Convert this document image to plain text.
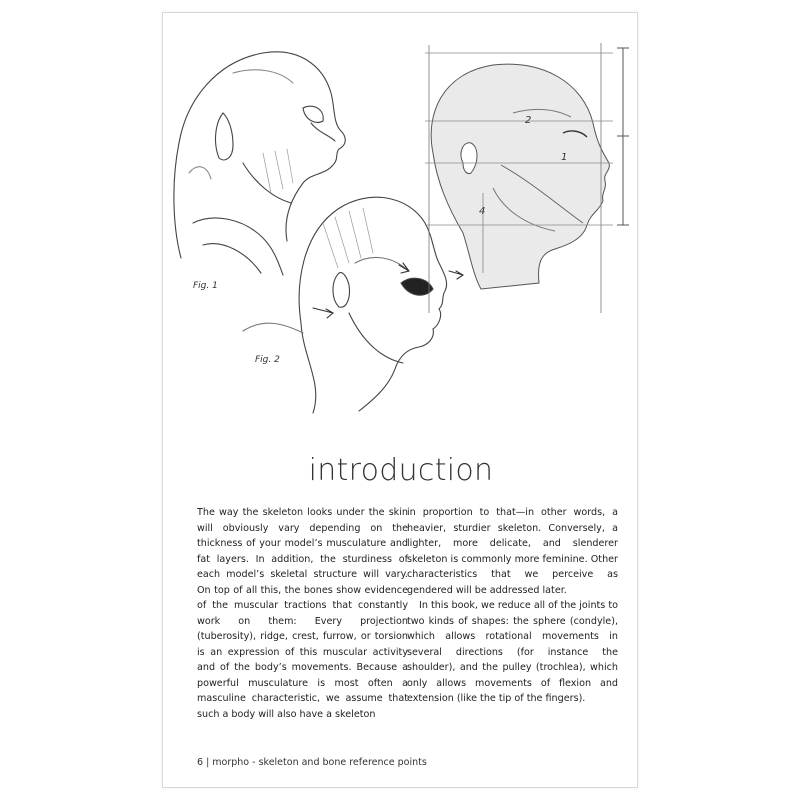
2
1
4
Fig. 1
Fig. 2
introduction

The way the skeleton looks under the skin will obviously vary depending on the thickness of your model’s musculature and fat layers. In addition, the sturdiness of each model’s skeletal structure will vary. On top of all this, the bones show evidence of the muscular tractions that constantly work on them: Every projection (tuberosity), ridge, crest, furrow, or torsion is an expression of this muscular activity and of the body’s movements. Because a powerful musculature is most often a masculine characteristic, we assume that such a body will also have a skeleton

in proportion to that—in other words, a heavier, sturdier skeleton. Conversely, a lighter, more delicate, and slenderer skeleton is commonly more feminine. Other characteristics that we perceive as gendered will be addressed later.

In this book, we reduce all of the joints to two kinds of shapes: the sphere (condyle), which allows rotational movements in several directions (for instance the shoulder), and the pulley (trochlea), which only allows movements of flexion and extension (like the tip of the fingers).

6 | morpho - skeleton and bone reference points
